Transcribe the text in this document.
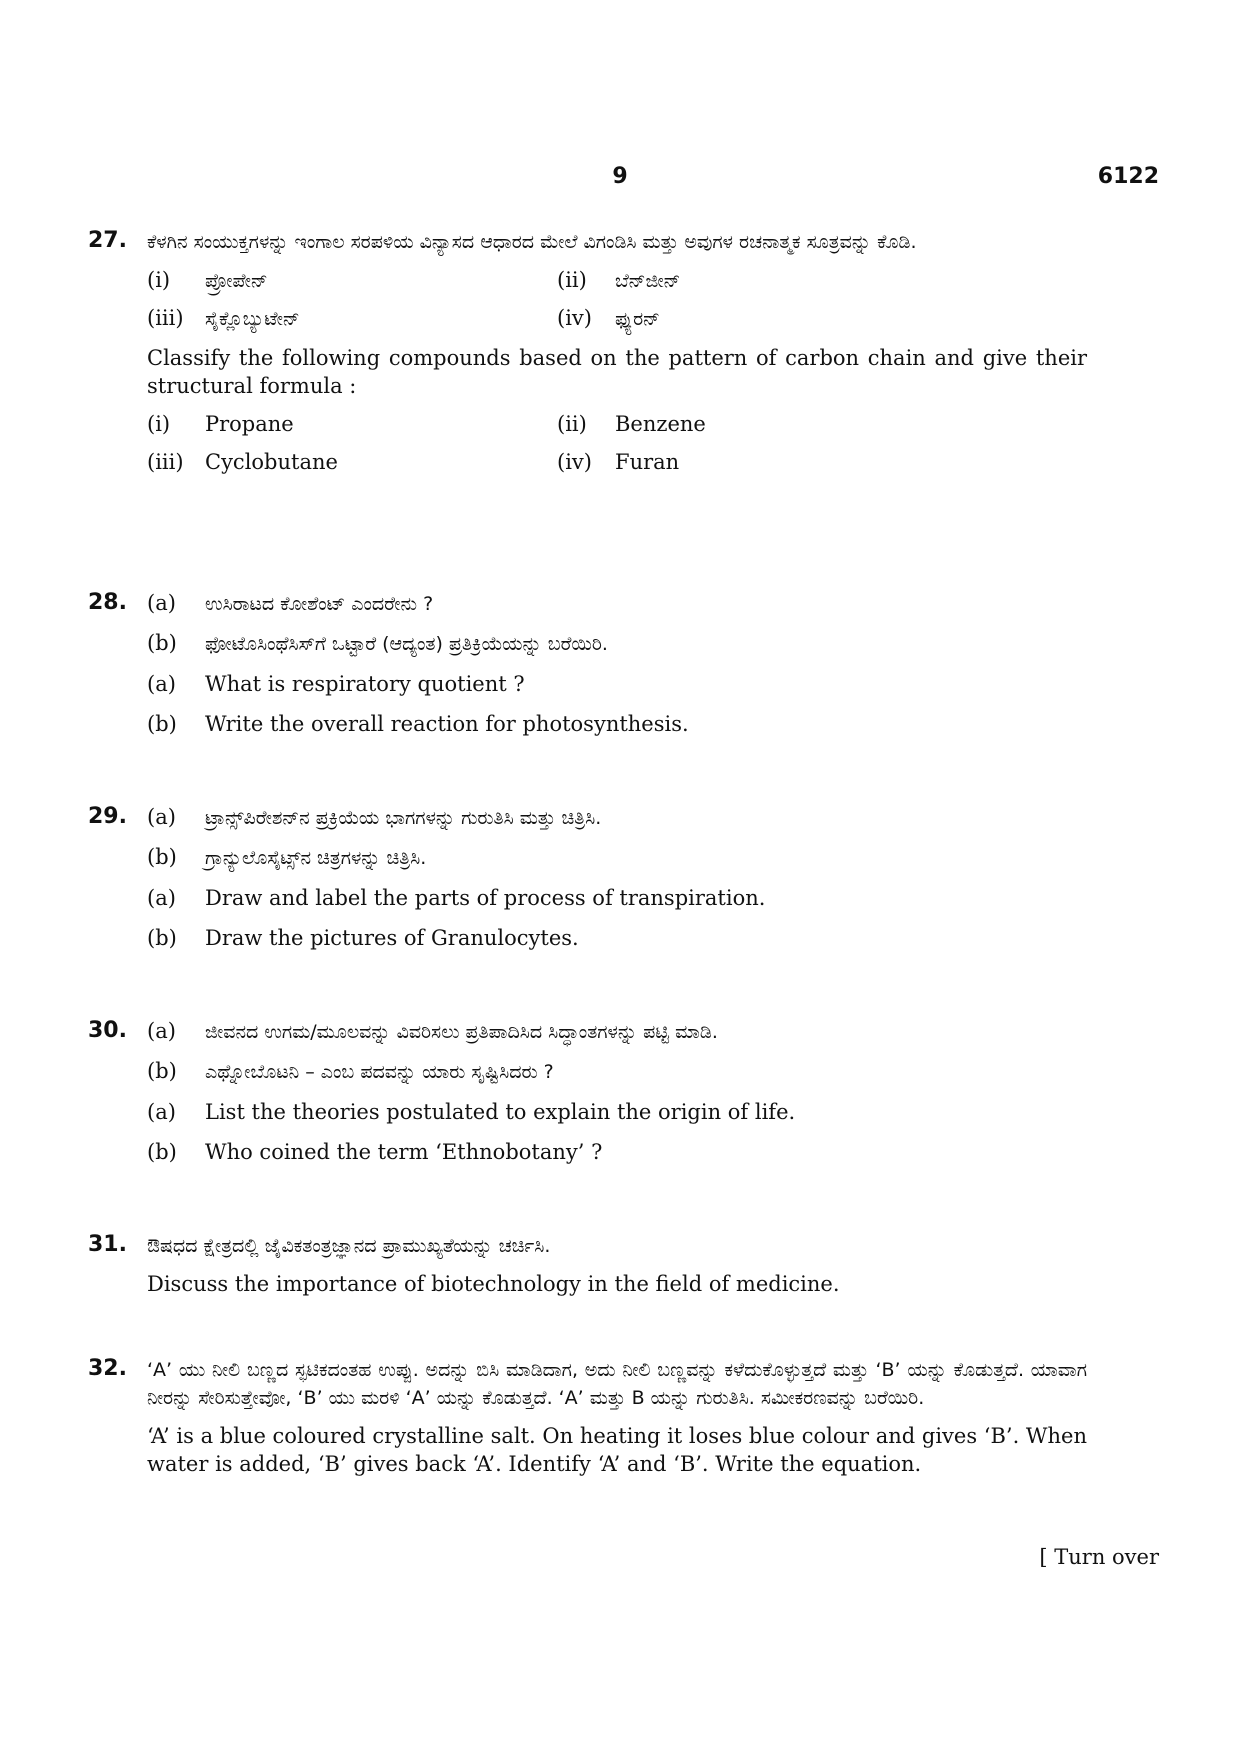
9	6122
27. ಕೆಳಗಿನ ಸಂಯುಕ್ತಗಳನ್ನು ಇಂಗಾಲ ಸರಪಳಿಯ ವಿನ್ಯಾಸದ ಆಧಾರದ ಮೇಲೆ ವಿಗಂಡಿಸಿ ಮತ್ತು ಅವುಗಳ ರಚನಾತ್ಮಕ ಸೂತ್ರವನ್ನು ಕೊಡಿ.

(i)	ಪ್ರೋಪೇನ್	(ii)	ಬೆನ್‌ಜೀನ್
(iii)	ಸೈಕ್ಲೊಬ್ಯುಟೇನ್	(iv)	ಫ್ಯುರನ್

Classify the following compounds based on the pattern of carbon chain and give their structural formula :

(i)	Propane	(ii)	Benzene
(iii)	Cyclobutane	(iv)	Furan
28. (a)	ಉಸಿರಾಟದ ಕೋಶೆಂಟ್ ಎಂದರೇನು ?
(b)	ಫೋಟೊಸಿಂಥೆಸಿಸ್‌ಗೆ ಒಟ್ಟಾರೆ (ಆದ್ಯಂತ) ಪ್ರತಿಕ್ರಿಯೆಯನ್ನು ಬರೆಯಿರಿ.
(a)	What is respiratory quotient ?
(b)	Write the overall reaction for photosynthesis.
29. (a)	ಟ್ರಾನ್ಸ್‌ಪಿರೇಶನ್‌ನ ಪ್ರಕ್ರಿಯೆಯ ಭಾಗಗಳನ್ನು ಗುರುತಿಸಿ ಮತ್ತು ಚಿತ್ರಿಸಿ.
(b)	ಗ್ರಾನ್ಯುಲೊಸೈಟ್ಸ್‌ನ ಚಿತ್ರಗಳನ್ನು ಚಿತ್ರಿಸಿ.
(a)	Draw and label the parts of process of transpiration.
(b)	Draw the pictures of Granulocytes.
30. (a)	ಜೀವನದ ಉಗಮ/ಮೂಲವನ್ನು ವಿವರಿಸಲು ಪ್ರತಿಪಾದಿಸಿದ ಸಿದ್ಧಾಂತಗಳನ್ನು ಪಟ್ಟಿ ಮಾಡಿ.
(b)	ಎಥ್ನೋಬೊಟನಿ – ಎಂಬ ಪದವನ್ನು ಯಾರು ಸೃಷ್ಟಿಸಿದರು ?
(a)	List the theories postulated to explain the origin of life.
(b)	Who coined the term ‘Ethnobotany’ ?
31. ಔಷಧದ ಕ್ಷೇತ್ರದಲ್ಲಿ ಜೈವಿಕತಂತ್ರಜ್ಞಾನದ ಪ್ರಾಮುಖ್ಯತೆಯನ್ನು ಚರ್ಚಿಸಿ.

Discuss the importance of biotechnology in the field of medicine.

32. ‘A’ ಯು ನೀಲಿ ಬಣ್ಣದ ಸ್ಫಟಿಕದಂತಹ ಉಪ್ಪು. ಅದನ್ನು ಬಿಸಿ ಮಾಡಿದಾಗ, ಅದು ನೀಲಿ ಬಣ್ಣವನ್ನು ಕಳೆದುಕೊಳ್ಳುತ್ತದೆ ಮತ್ತು ‘B’ ಯನ್ನು ಕೊಡುತ್ತದೆ. ಯಾವಾಗ ನೀರನ್ನು ಸೇರಿಸುತ್ತೇವೋ, ‘B’ ಯು ಮರಳಿ ‘A’ ಯನ್ನು ಕೊಡುತ್ತದೆ. ‘A’ ಮತ್ತು B ಯನ್ನು ಗುರುತಿಸಿ. ಸಮೀಕರಣವನ್ನು ಬರೆಯಿರಿ.

‘A’ is a blue coloured crystalline salt. On heating it loses blue colour and gives ‘B’. When water is added, ‘B’ gives back ‘A’. Identify ‘A’ and ‘B’. Write the equation.

[ Turn over
